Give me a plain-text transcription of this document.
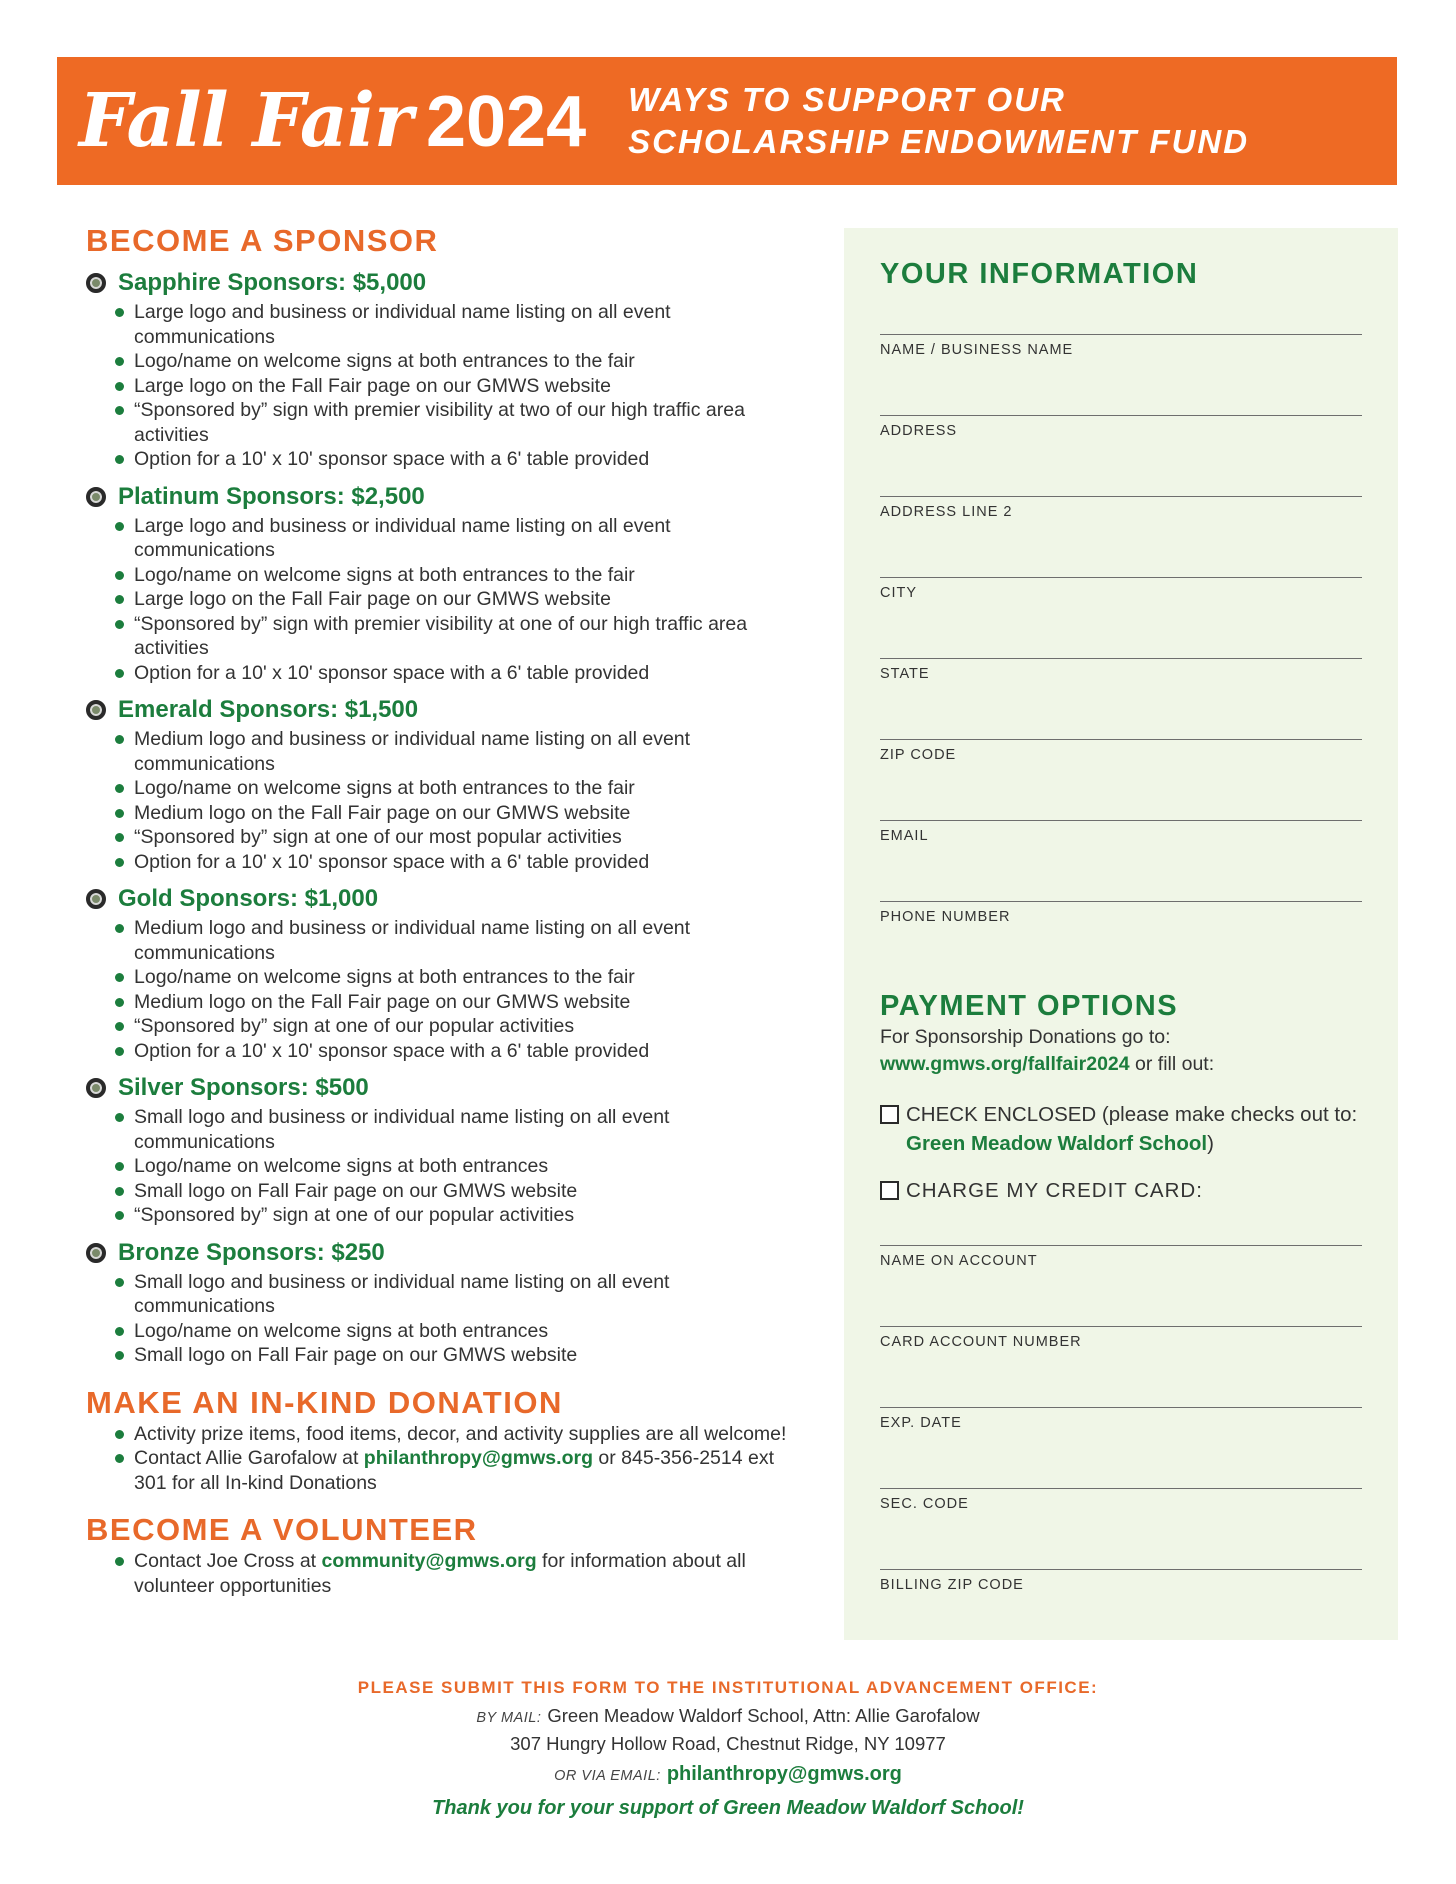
Fall Fair 2024 WAYS TO SUPPORT OUR
SCHOLARSHIP ENDOWMENT FUND
BECOME A SPONSOR
Sapphire Sponsors: $5,000
Large logo and business or individual name listing on all event communications
Logo/name on welcome signs at both entrances to the fair
Large logo on the Fall Fair page on our GMWS website
“Sponsored by” sign with premier visibility at two of our high traffic area activities
Option for a 10' x 10' sponsor space with a 6' table provided
Platinum Sponsors: $2,500
Large logo and business or individual name listing on all event communications
Logo/name on welcome signs at both entrances to the fair
Large logo on the Fall Fair page on our GMWS website
“Sponsored by” sign with premier visibility at one of our high traffic area activities
Option for a 10' x 10' sponsor space with a 6' table provided
Emerald Sponsors: $1,500
Medium logo and business or individual name listing on all event communications
Logo/name on welcome signs at both entrances to the fair
Medium logo on the Fall Fair page on our GMWS website
“Sponsored by” sign at one of our most popular activities
Option for a 10' x 10' sponsor space with a 6' table provided
Gold Sponsors: $1,000
Medium logo and business or individual name listing on all event communications
Logo/name on welcome signs at both entrances to the fair
Medium logo on the Fall Fair page on our GMWS website
“Sponsored by” sign at one of our popular activities
Option for a 10' x 10' sponsor space with a 6' table provided
Silver Sponsors: $500
Small logo and business or individual name listing on all event communications
Logo/name on welcome signs at both entrances
Small logo on Fall Fair page on our GMWS website
“Sponsored by” sign at one of our popular activities
Bronze Sponsors: $250
Small logo and business or individual name listing on all event communications
Logo/name on welcome signs at both entrances
Small logo on Fall Fair page on our GMWS website
MAKE AN IN-KIND DONATION
Activity prize items, food items, decor, and activity supplies are all welcome!
Contact Allie Garofalow at philanthropy@gmws.org or 845-356-2514 ext 301 for all In-kind Donations
BECOME A VOLUNTEER
Contact Joe Cross at community@gmws.org for information about all volunteer opportunities
YOUR INFORMATION
NAME / BUSINESS NAME
ADDRESS
ADDRESS LINE 2
CITY
STATE
ZIP CODE
EMAIL
PHONE NUMBER
PAYMENT OPTIONS
For Sponsorship Donations go to:
www.gmws.org/fallfair2024 or fill out:
CHECK ENCLOSED (please make checks out to: Green Meadow Waldorf School)
CHARGE MY CREDIT CARD:
NAME ON ACCOUNT
CARD ACCOUNT NUMBER
EXP. DATE
SEC. CODE
BILLING ZIP CODE
PLEASE SUBMIT THIS FORM TO THE INSTITUTIONAL ADVANCEMENT OFFICE:
BY MAIL: Green Meadow Waldorf School, Attn: Allie Garofalow
307 Hungry Hollow Road, Chestnut Ridge, NY 10977
OR VIA EMAIL: philanthropy@gmws.org
Thank you for your support of Green Meadow Waldorf School!
